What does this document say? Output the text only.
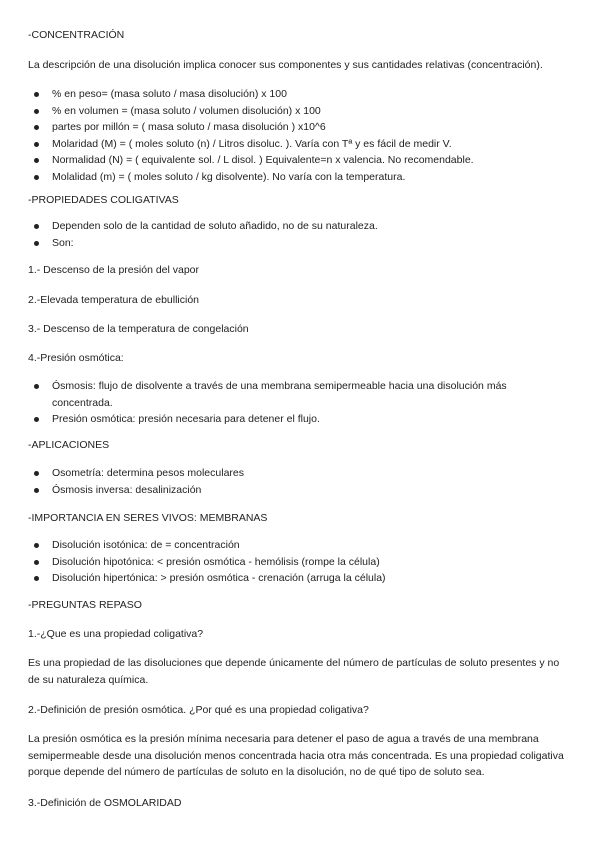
-CONCENTRACIÓN

La descripción de una disolución implica conocer sus componentes y sus cantidades relativas (concentración).

% en peso= (masa soluto / masa disolución) x 100
% en volumen = (masa soluto / volumen disolución) x 100
partes por millón = ( masa soluto / masa disolución ) x10^6
Molaridad (M) = ( moles soluto (n) / Litros disoluc. ). Varía con Tª y es fácil de medir V.
Normalidad (N) = ( equivalente sol. / L disol. ) Equivalente=n x valencia. No recomendable.
Molalidad (m) = ( moles soluto / kg disolvente). No varía con la temperatura.
-PROPIEDADES COLIGATIVAS
Dependen solo de la cantidad de soluto añadido, no de su naturaleza.
Son:

1.- Descenso de la presión del vapor

2.-Elevada temperatura de ebullición

3.- Descenso de la temperatura de congelación

4.-Presión osmótica:

Ósmosis: flujo de disolvente a través de una membrana semipermeable hacia una disolución más concentrada.
Presión osmótica: presión necesaria para detener el flujo.
-APLICACIONES
Osometría: determina pesos moleculares
Ósmosis inversa: desalinización
-IMPORTANCIA EN SERES VIVOS: MEMBRANAS
Disolución isotónica: de = concentración
Disolución hipotónica: < presión osmótica - hemólisis (rompe la célula)
Disolución hipertónica: > presión osmótica - crenación (arruga la célula)
-PREGUNTAS REPASO

1.-¿Que es una propiedad coligativa?

Es una propiedad de las disoluciones que depende únicamente del número de partículas de soluto presentes y no de su naturaleza química.

2.-Definición de presión osmótica. ¿Por qué es una propiedad coligativa?

La presión osmótica es la presión mínima necesaria para detener el paso de agua a través de una membrana semipermeable desde una disolución menos concentrada hacia otra más concentrada. Es una propiedad coligativa porque depende del número de partículas de soluto en la disolución, no de qué tipo de soluto sea.

3.-Definición de OSMOLARIDAD
